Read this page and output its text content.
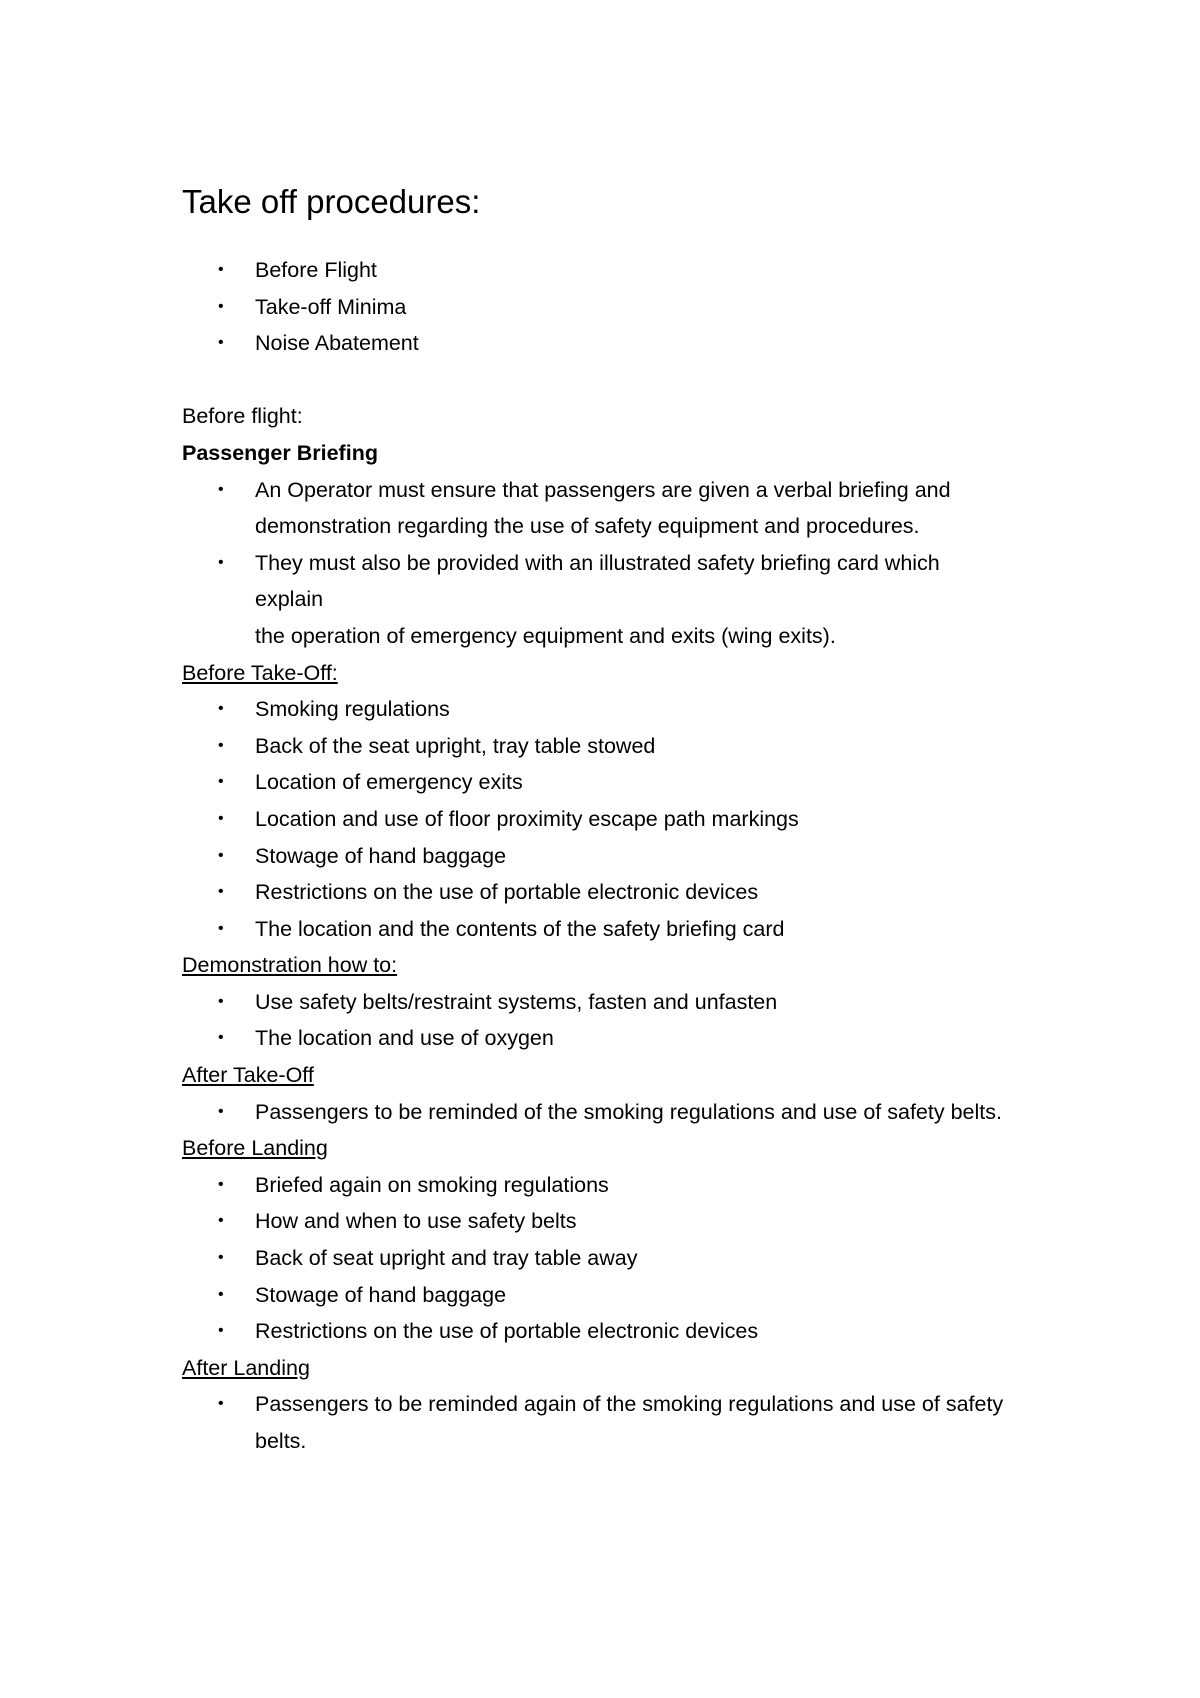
Take off procedures:
• Before Flight
• Take-off Minima
• Noise Abatement

Before flight:

Passenger Briefing

• An Operator must ensure that passengers are given a verbal briefing and
demonstration regarding the use of safety equipment and procedures.
• They must also be provided with an illustrated safety briefing card which
explain
the operation of emergency equipment and exits (wing exits).

Before Take-Off:

• Smoking regulations
• Back of the seat upright, tray table stowed
• Location of emergency exits
• Location and use of floor proximity escape path markings
• Stowage of hand baggage
• Restrictions on the use of portable electronic devices
• The location and the contents of the safety briefing card

Demonstration how to:

• Use safety belts/restraint systems, fasten and unfasten
• The location and use of oxygen

After Take-Off

• Passengers to be reminded of the smoking regulations and use of safety belts.

Before Landing

• Briefed again on smoking regulations
• How and when to use safety belts
• Back of seat upright and tray table away
• Stowage of hand baggage
• Restrictions on the use of portable electronic devices

After Landing

• Passengers to be reminded again of the smoking regulations and use of safety
belts.
